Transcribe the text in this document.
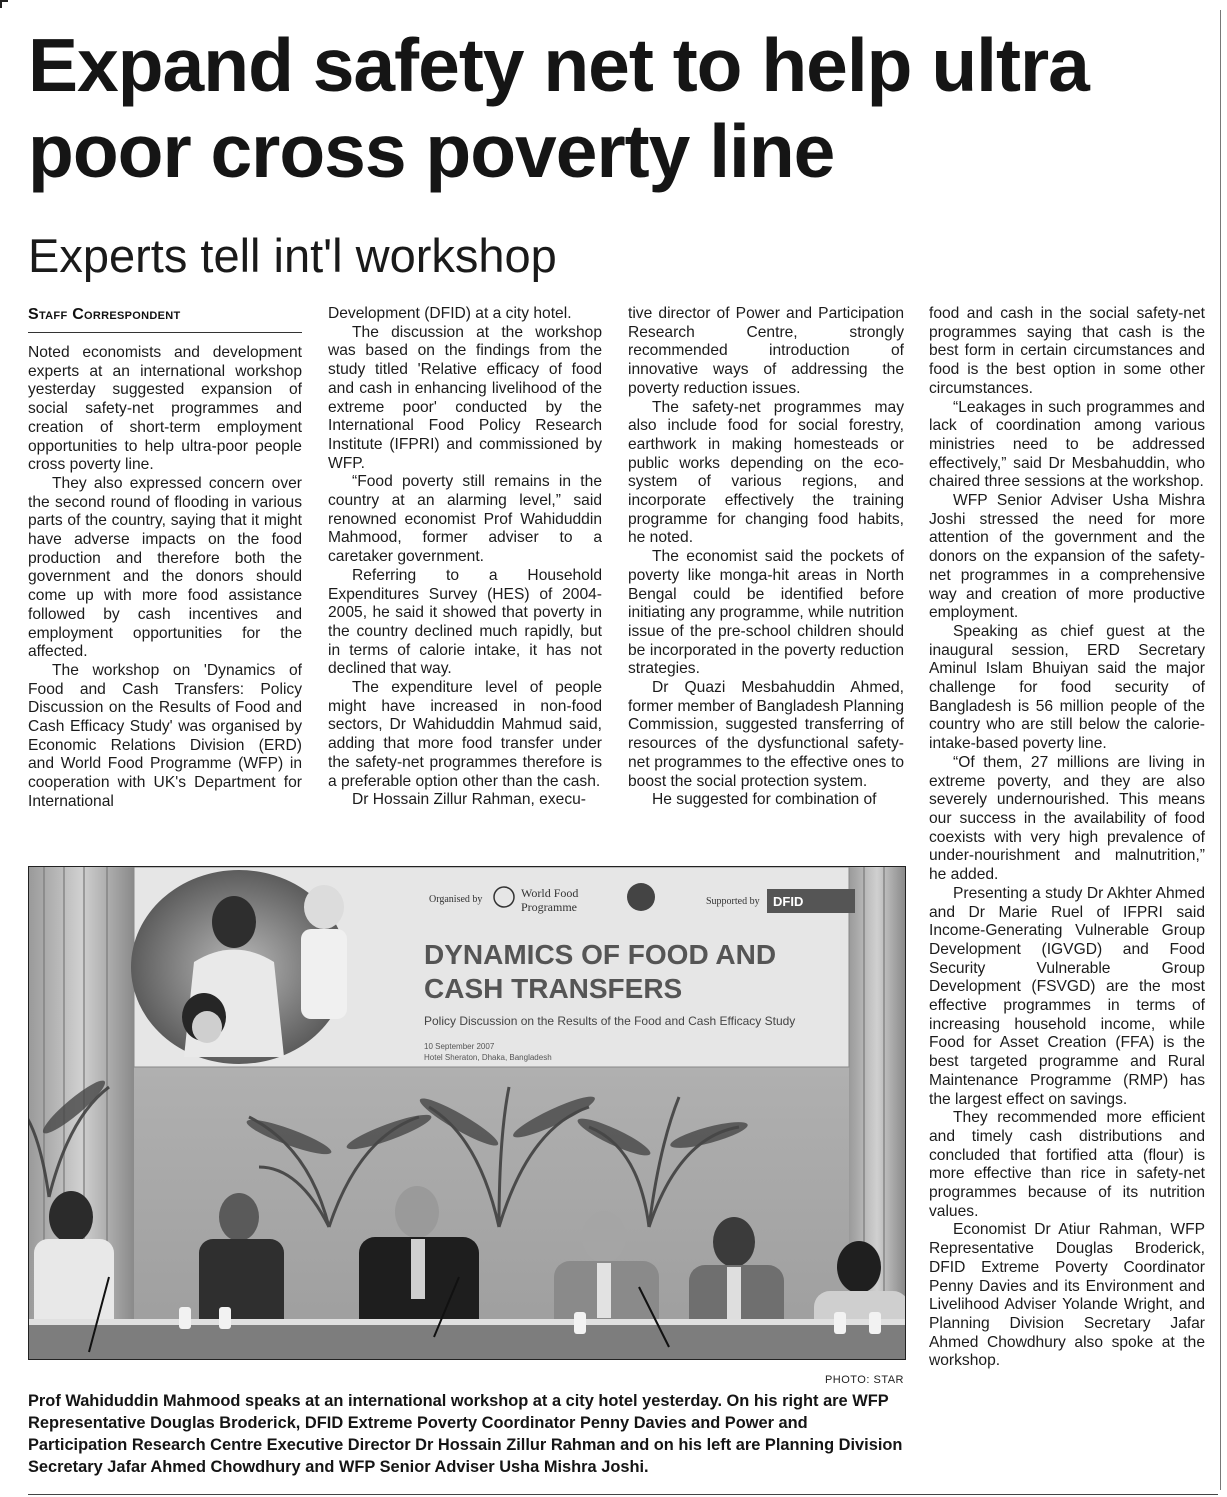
Expand safety net to help ultra poor cross poverty line
Experts tell int'l workshop
Staff Correspondent

Noted economists and development experts at an international workshop yesterday suggested expansion of social safety-net programmes and creation of short-term employment opportunities to help ultra-poor people cross poverty line.

They also expressed concern over the second round of flooding in various parts of the country, saying that it might have adverse impacts on the food production and therefore both the government and the donors should come up with more food assistance followed by cash incentives and employment opportunities for the affected.

The workshop on 'Dynamics of Food and Cash Transfers: Policy Discussion on the Results of Food and Cash Efficacy Study' was organised by Economic Relations Division (ERD) and World Food Programme (WFP) in cooperation with UK's Department for International

Development (DFID) at a city hotel.

The discussion at the workshop was based on the findings from the study titled 'Relative efficacy of food and cash in enhancing livelihood of the extreme poor' conducted by the International Food Policy Research Institute (IFPRI) and commissioned by WFP.

“Food poverty still remains in the country at an alarming level,” said renowned economist Prof Wahiduddin Mahmood, former adviser to a caretaker government.

Referring to a Household Expenditures Survey (HES) of 2004-2005, he said it showed that poverty in the country declined much rapidly, but in terms of calorie intake, it has not declined that way.

The expenditure level of people might have increased in non-food sectors, Dr Wahiduddin Mahmud said, adding that more food transfer under the safety-net programmes therefore is a preferable option other than the cash.

Dr Hossain Zillur Rahman, execu-

tive director of Power and Participation Research Centre, strongly recommended introduction of innovative ways of addressing the poverty reduction issues.

The safety-net programmes may also include food for social forestry, earthwork in making homesteads or public works depending on the eco-system of various regions, and incorporate effectively the training programme for changing food habits, he noted.

The economist said the pockets of poverty like monga-hit areas in North Bengal could be identified before initiating any programme, while nutrition issue of the pre-school children should be incorporated in the poverty reduction strategies.

Dr Quazi Mesbahuddin Ahmed, former member of Bangladesh Planning Commission, suggested transferring of resources of the dysfunctional safety-net programmes to the effective ones to boost the social protection system.

He suggested for combination of

food and cash in the social safety-net programmes saying that cash is the best form in certain circumstances and food is the best option in some other circumstances.

“Leakages in such programmes and lack of coordination among various ministries need to be addressed effectively,” said Dr Mesbahuddin, who chaired three sessions at the workshop.

WFP Senior Adviser Usha Mishra Joshi stressed the need for more attention of the government and the donors on the expansion of the safety-net programmes in a comprehensive way and creation of more productive employment.

Speaking as chief guest at the inaugural session, ERD Secretary Aminul Islam Bhuiyan said the major challenge for food security of Bangladesh is 56 million people of the country who are still below the calorie-intake-based poverty line.

“Of them, 27 millions are living in extreme poverty, and they are also severely undernourished. This means our success in the availability of food coexists with very high prevalence of under-nourishment and malnutrition,” he added.

Presenting a study Dr Akhter Ahmed and Dr Marie Ruel of IFPRI said Income-Generating Vulnerable Group Development (IGVGD) and Food Security Vulnerable Group Development (FSVGD) are the most effective programmes in terms of increasing household income, while Food for Asset Creation (FFA) is the best targeted programme and Rural Maintenance Programme (RMP) has the largest effect on savings.

They recommended more efficient and timely cash distributions and concluded that fortified atta (flour) is more effective than rice in safety-net programmes because of its nutrition values.

Economist Dr Atiur Rahman, WFP Representative Douglas Broderick, DFID Extreme Poverty Coordinator Penny Davies and its Environment and Livelihood Adviser Yolande Wright, and Planning Division Secretary Jafar Ahmed Chowdhury also spoke at the workshop.

Organised by	World Food
Programme	Supported by DFID
DYNAMICS OF FOOD AND
CASH TRANSFERS
Policy Discussion on the Results of the Food and Cash Efficacy Study
10 September 2007
Hotel Sheraton, Dhaka, Bangladesh
PHOTO: STAR

Prof Wahiduddin Mahmood speaks at an international workshop at a city hotel yesterday. On his right are WFP Representative Douglas Broderick, DFID Extreme Poverty Coordinator Penny Davies and Power and Participation Research Centre Executive Director Dr Hossain Zillur Rahman and on his left are Planning Division Secretary Jafar Ahmed Chowdhury and WFP Senior Adviser Usha Mishra Joshi.
